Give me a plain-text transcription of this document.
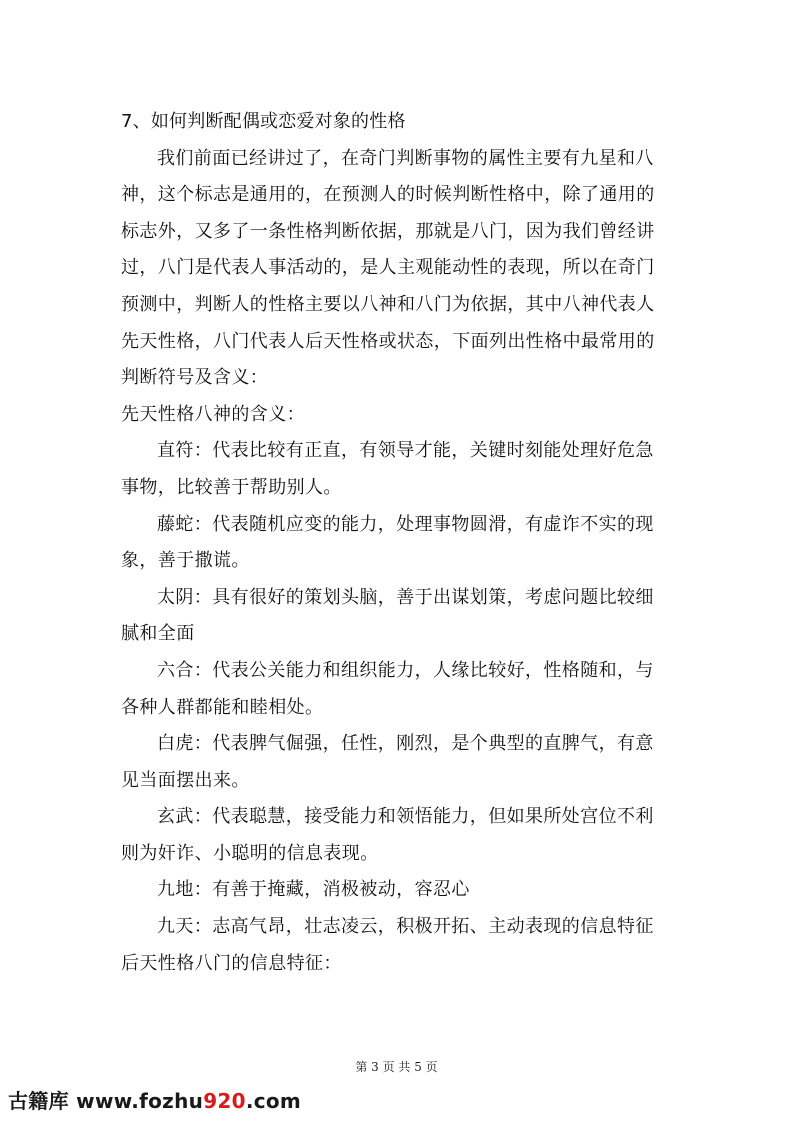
7、如何判断配偶或恋爱对象的性格
我们前面已经讲过了，在奇门判断事物的属性主要有九星和八
神，这个标志是通用的，在预测人的时候判断性格中，除了通用的
标志外，又多了一条性格判断依据，那就是八门，因为我们曾经讲
过，八门是代表人事活动的，是人主观能动性的表现，所以在奇门
预测中，判断人的性格主要以八神和八门为依据，其中八神代表人
先天性格，八门代表人后天性格或状态，下面列出性格中最常用的
判断符号及含义：
先天性格八神的含义：
直符：代表比较有正直，有领导才能，关键时刻能处理好危急
事物，比较善于帮助别人。
藤蛇：代表随机应变的能力，处理事物圆滑，有虚诈不实的现
象，善于撒谎。
太阴：具有很好的策划头脑，善于出谋划策，考虑问题比较细
腻和全面
六合：代表公关能力和组织能力，人缘比较好，性格随和，与
各种人群都能和睦相处。
白虎：代表脾气倔强，任性，刚烈，是个典型的直脾气，有意
见当面摆出来。
玄武：代表聪慧，接受能力和领悟能力，但如果所处宫位不利
则为奸诈、小聪明的信息表现。
九地：有善于掩藏，消极被动，容忍心
九天：志高气昂，壮志凌云，积极开拓、主动表现的信息特征
后天性格八门的信息特征：
第 3 页 共 5 页
古籍库 www.fozhu920.com
